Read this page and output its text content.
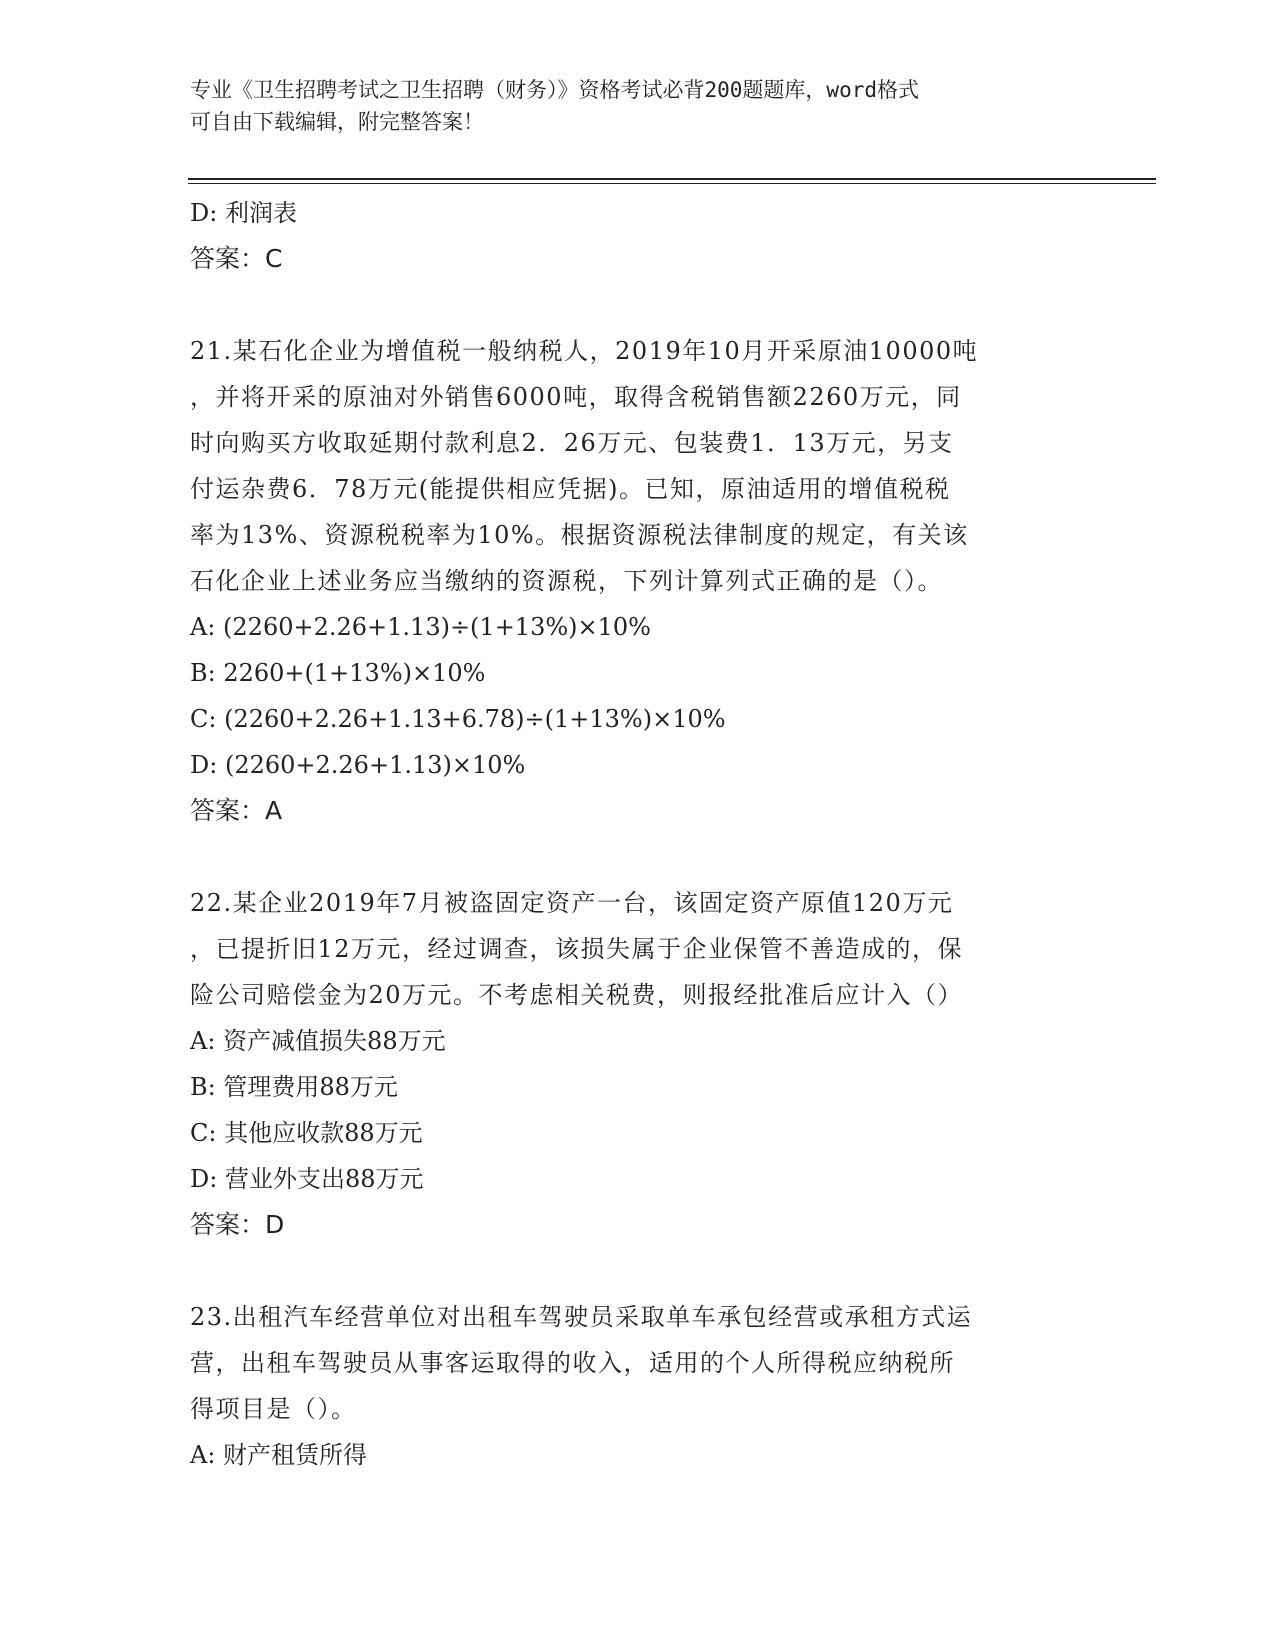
专业《卫生招聘考试之卫生招聘（财务）》资格考试必背200题题库，word格式
可自由下载编辑，附完整答案！
D: 利润表
答案：C
21.某石化企业为增值税一般纳税人，2019年10月开采原油10000吨
，并将开采的原油对外销售6000吨，取得含税销售额2260万元，同
时向购买方收取延期付款利息2．26万元、包装费1．13万元，另支
付运杂费6．78万元(能提供相应凭据)。已知，原油适用的增值税税
率为13%、资源税税率为10%。根据资源税法律制度的规定，有关该
石化企业上述业务应当缴纳的资源税，下列计算列式正确的是（）。
A: (2260+2.26+1.13)÷(1+13%)×10%
B: 2260+(1+13%)×10%
C: (2260+2.26+1.13+6.78)÷(1+13%)×10%
D: (2260+2.26+1.13)×10%
答案：A
22.某企业2019年7月被盗固定资产一台，该固定资产原值120万元
，已提折旧12万元，经过调查，该损失属于企业保管不善造成的，保
险公司赔偿金为20万元。不考虑相关税费，则报经批准后应计入（）
A: 资产减值损失88万元
B: 管理费用88万元
C: 其他应收款88万元
D: 营业外支出88万元
答案：D
23.出租汽车经营单位对出租车驾驶员采取单车承包经营或承租方式运
营，出租车驾驶员从事客运取得的收入，适用的个人所得税应纳税所
得项目是（）。
A: 财产租赁所得
